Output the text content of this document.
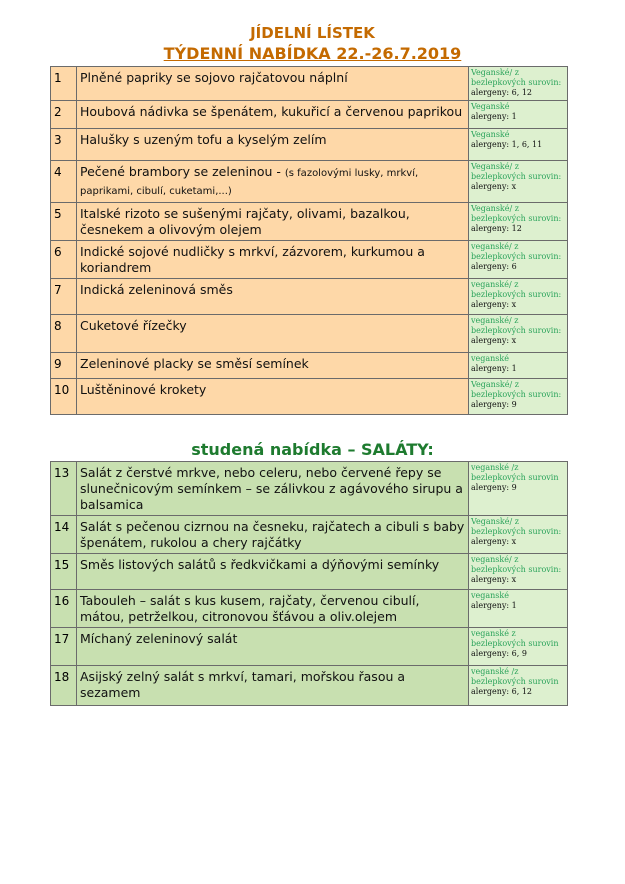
JÍDELNÍ LÍSTEK
TÝDENNÍ NABÍDKA 22.-26.7.2019
1	Plněné papriky se sojovo rajčatovou náplní	Veganské/ z bezlepkových surovin:
alergeny: 6, 12

2	Houbová nádivka se špenátem, kukuřicí a červenou paprikou	Veganské
alergeny: 1

3	Halušky s uzeným tofu a kyselým zelím	Veganské
alergeny: 1, 6, 11

4	Pečené brambory se zeleninou - (s fazolovými lusky, mrkví, paprikami, cibulí, cuketami,...)	Veganské/ z bezlepkových surovin:
alergeny: x

5	Italské rizoto se sušenými rajčaty, olivami, bazalkou, česnekem a olivovým olejem	Veganské/ z bezlepkových surovin:
alergeny: 12

6	Indické sojové nudličky s mrkví, zázvorem, kurkumou a koriandrem	veganské/ z bezlepkových surovin:
alergeny: 6

7	Indická zeleninová směs	veganské/ z bezlepkových surovin:
alergeny: x

8	Cuketové řízečky	veganské/ z bezlepkových surovin:
alergeny: x

9	Zeleninové placky se směsí semínek	veganské
alergeny: 1

10	Luštěninové krokety	Veganské/ z bezlepkových surovin:
alergeny: 9
studená nabídka – SALÁTY:
13	Salát z čerstvé mrkve, nebo celeru, nebo červené řepy se slunečnicovým semínkem – se zálivkou z agávového sirupu a balsamica	veganské /z bezlepkových surovin
alergeny: 9

14	Salát s pečenou cizrnou na česneku, rajčatech a cibuli s baby špenátem, rukolou a chery rajčátky	Veganské/ z bezlepkových surovin:
alergeny: x

15	Směs listových salátů s ředkvičkami a dýňovými semínky	veganské/ z bezlepkových surovin:
alergeny: x

16	Tabouleh – salát s kus kusem, rajčaty, červenou cibulí, mátou, petrželkou, citronovou šťávou a oliv.olejem	veganské
alergeny: 1

17	Míchaný zeleninový salát	veganské z bezlepkových surovin
alergeny: 6, 9

18	Asijský zelný salát s mrkví, tamari, mořskou řasou a sezamem	veganské /z bezlepkových surovin
alergeny: 6, 12
